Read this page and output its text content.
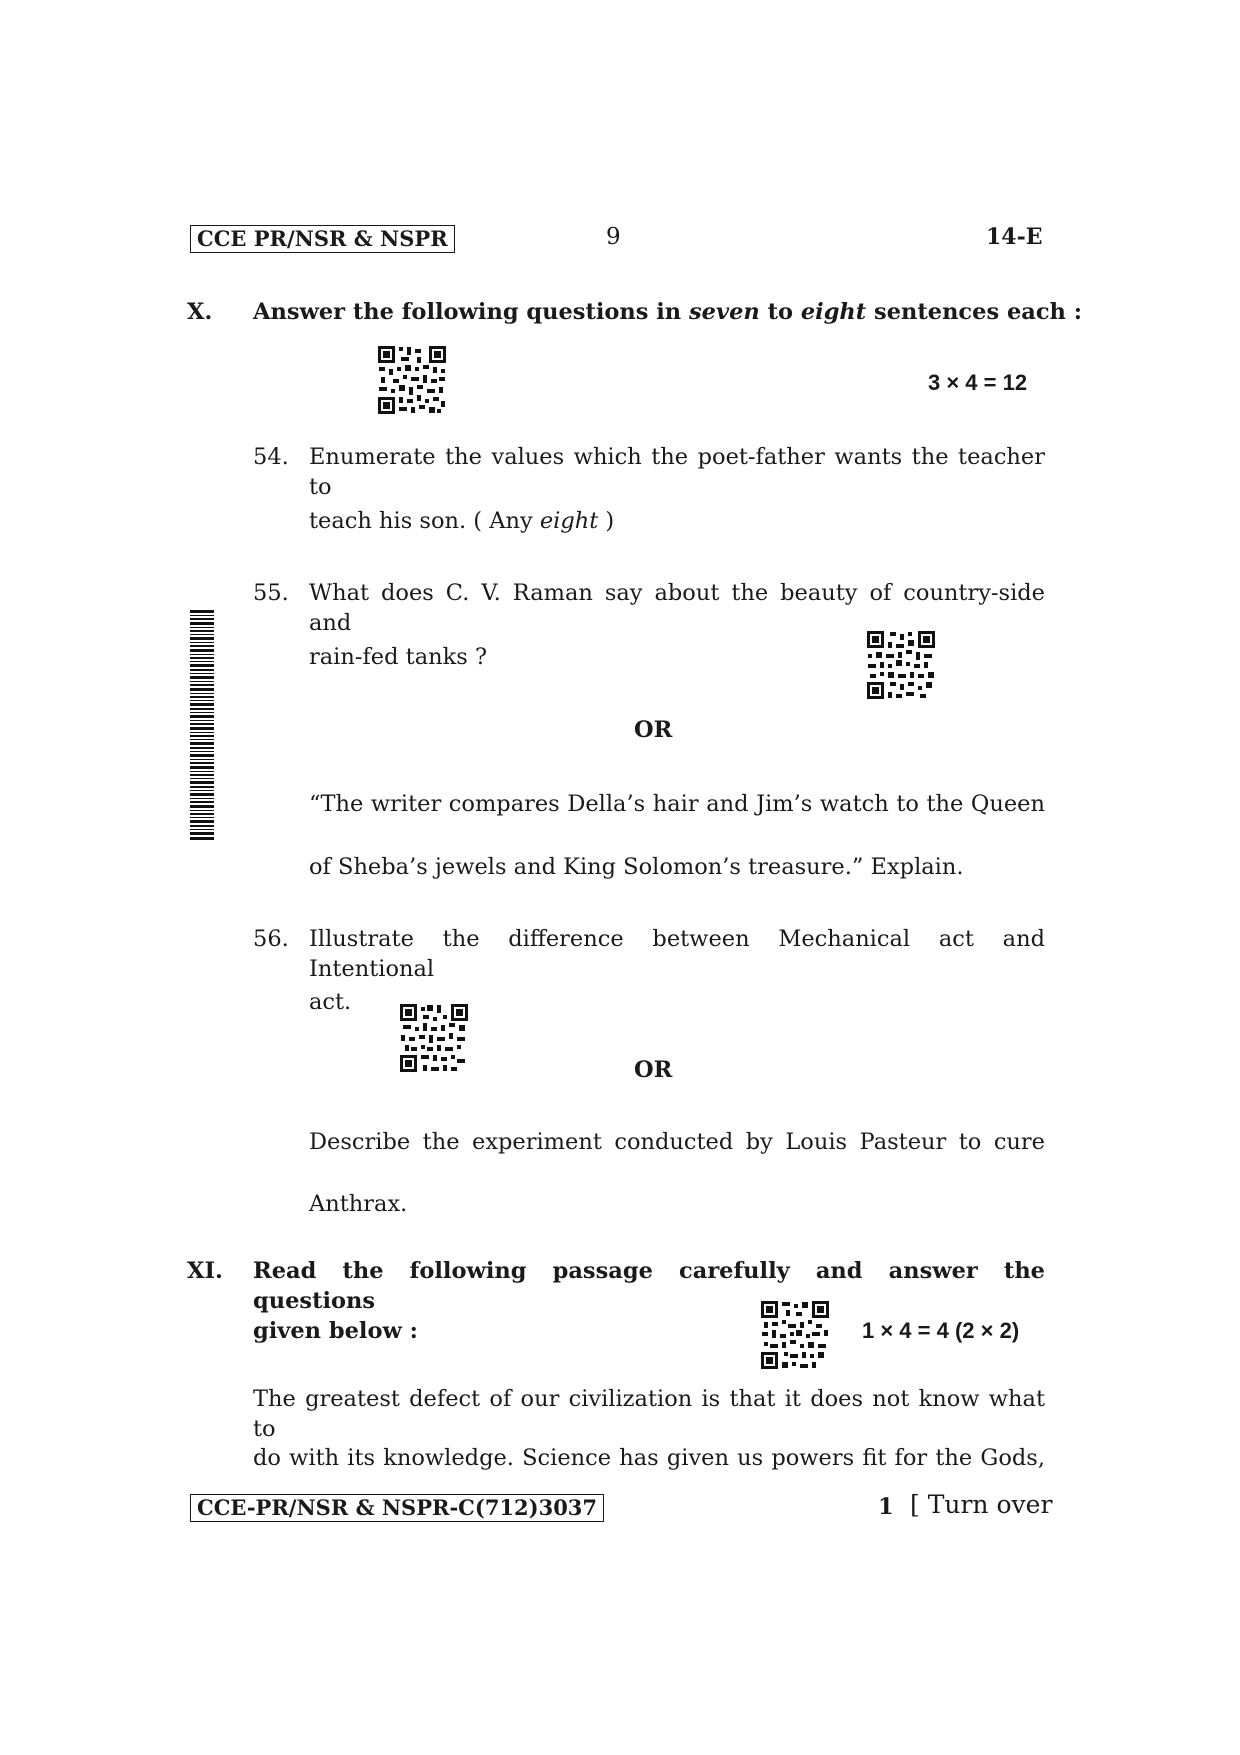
CCE PR/NSR & NSPR	9	14-E
X. Answer the following questions in seven to eight sentences each :
3 × 4 = 12
54. Enumerate the values which the poet-father wants the teacher to
teach his son. ( Any eight )
55. What does C. V. Raman say about the beauty of country-side and
rain-fed tanks ?
OR
“The writer compares Della’s hair and Jim’s watch to the Queen
of Sheba’s jewels and King Solomon’s treasure.” Explain.
56. Illustrate the difference between Mechanical act and Intentional
act.
OR
Describe the experiment conducted by Louis Pasteur to cure
Anthrax.
XI. Read the following passage carefully and answer the questions
given below :	1 × 4 = 4 (2 × 2)
The greatest defect of our civilization is that it does not know what to
do with its knowledge. Science has given us powers fit for the Gods,
CCE-PR/NSR & NSPR-C(712)3037	1 [ Turn over
